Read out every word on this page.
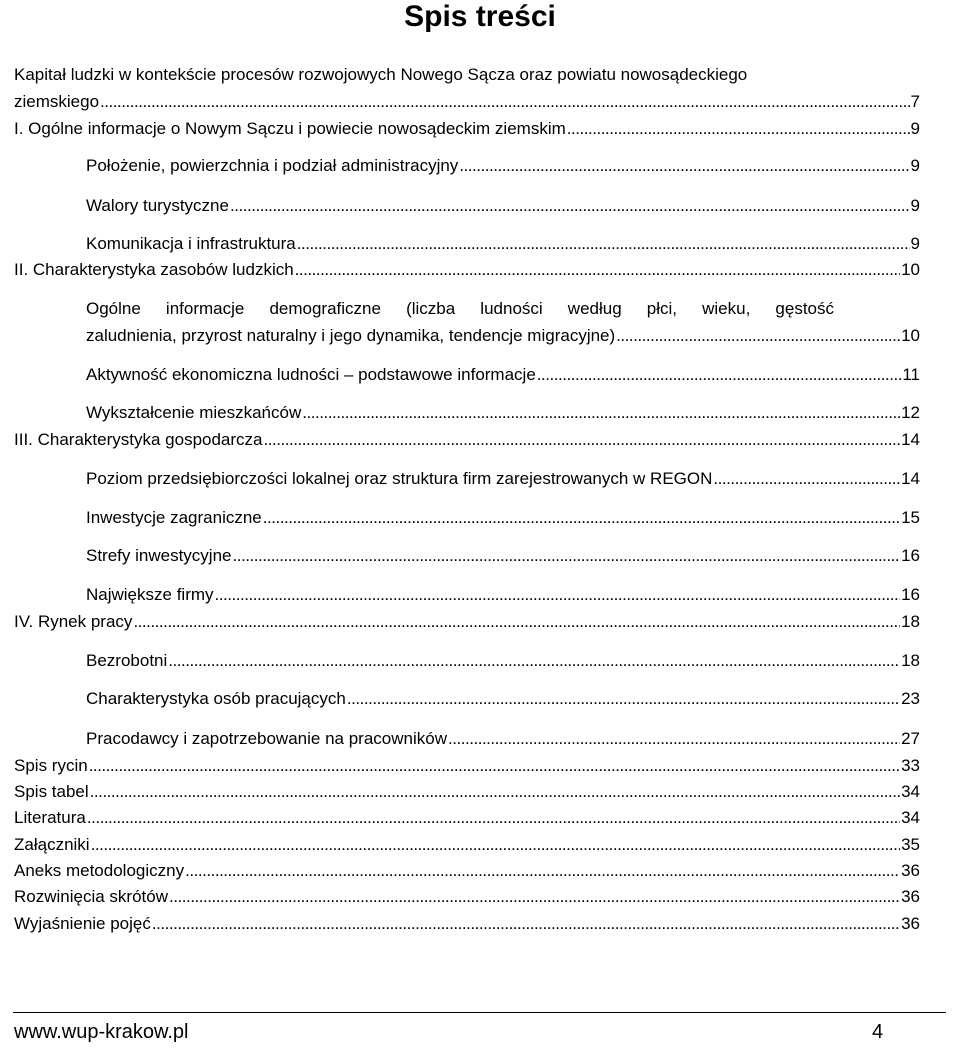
Spis treści
Kapitał ludzki w kontekście procesów rozwojowych Nowego Sącza oraz powiatu nowosądeckiego
ziemskiego . . .	7
I. Ogólne informacje o Nowym Sączu i powiecie nowosądeckim ziemskim . . .	9
Położenie, powierzchnia i podział administracyjny . . .	9
Walory turystyczne . . .	9
Komunikacja i infrastruktura . . .	9
II. Charakterystyka zasobów ludzkich . . .	10
Ogólne informacje demograficzne (liczba ludności według płci, wieku, gęstość
zaludnienia, przyrost naturalny i jego dynamika, tendencje migracyjne) . . .	10
Aktywność ekonomiczna ludności – podstawowe informacje . . .	11
Wykształcenie mieszkańców . . .	12
III. Charakterystyka gospodarcza . . .	14
Poziom przedsiębiorczości lokalnej oraz struktura firm zarejestrowanych w REGON . . .	14
Inwestycje zagraniczne . . .	15
Strefy inwestycyjne . . .	16
Największe firmy . . .	16
IV. Rynek pracy . . .	18
Bezrobotni . . .	18
Charakterystyka osób pracujących . . .	23
Pracodawcy i zapotrzebowanie na pracowników . . .	27
Spis rycin . . .	33
Spis tabel . . .	34
Literatura . . .	34
Załączniki . . .	35
Aneks metodologiczny . . .	36
Rozwinięcia skrótów . . .	36
Wyjaśnienie pojęć . . .	36
www.wup-krakow.pl	4
